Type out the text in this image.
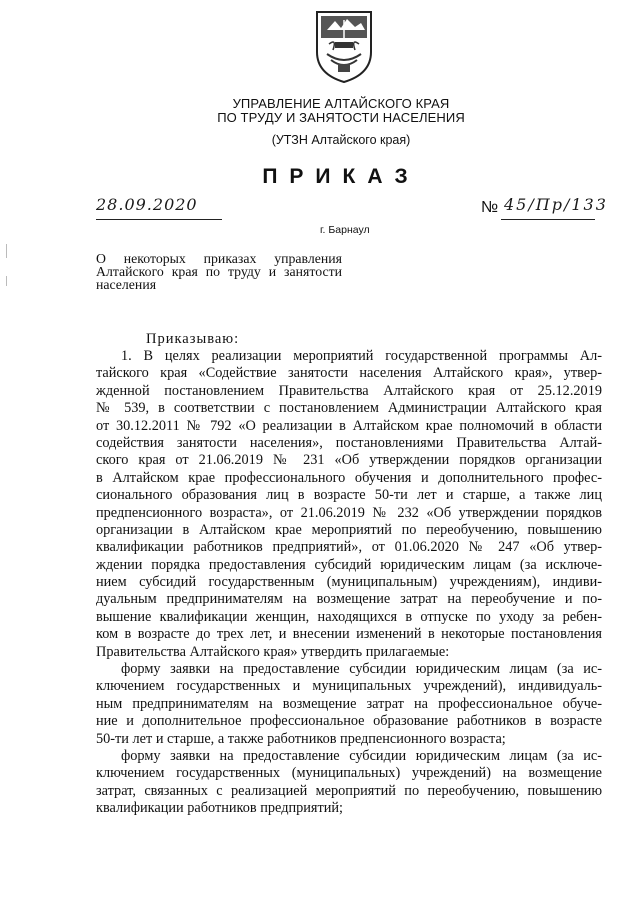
УПРАВЛЕНИЕ АЛТАЙСКОГО КРАЯ
ПО ТРУДУ И ЗАНЯТОСТИ НАСЕЛЕНИЯ
(УТЗН Алтайского края)
ПРИКАЗ
28.09.2020	№ 45/Пр/133
г. Барнаул
О некоторых приказах управления
Алтайского края по труду и занятости
населения
Приказываю:
1. В целях реализации мероприятий государственной программы Ал-
тайского края «Содействие занятости населения Алтайского края», утвер-
жденной постановлением Правительства Алтайского края от 25.12.2019
№ 539, в соответствии с постановлением Администрации Алтайского края
от 30.12.2011 № 792 «О реализации в Алтайском крае полномочий в области
содействия занятости населения», постановлениями Правительства Алтай-
ского края от 21.06.2019 № 231 «Об утверждении порядков организации
в Алтайском крае профессионального обучения и дополнительного профес-
сионального образования лиц в возрасте 50-ти лет и старше, а также лиц
предпенсионного возраста», от 21.06.2019 № 232 «Об утверждении порядков
организации в Алтайском крае мероприятий по переобучению, повышению
квалификации работников предприятий», от 01.06.2020 № 247 «Об утвер-
ждении порядка предоставления субсидий юридическим лицам (за исключе-
нием субсидий государственным (муниципальным) учреждениям), индиви-
дуальным предпринимателям на возмещение затрат на переобучение и по-
вышение квалификации женщин, находящихся в отпуске по уходу за ребен-
ком в возрасте до трех лет, и внесении изменений в некоторые постановления
Правительства Алтайского края» утвердить прилагаемые:
форму заявки на предоставление субсидии юридическим лицам (за ис-
ключением государственных и муниципальных учреждений), индивидуаль-
ным предпринимателям на возмещение затрат на профессиональное обуче-
ние и дополнительное профессиональное образование работников в возрасте
50-ти лет и старше, а также работников предпенсионного возраста;
форму заявки на предоставление субсидии юридическим лицам (за ис-
ключением государственных (муниципальных) учреждений) на возмещение
затрат, связанных с реализацией мероприятий по переобучению, повышению
квалификации работников предприятий;
